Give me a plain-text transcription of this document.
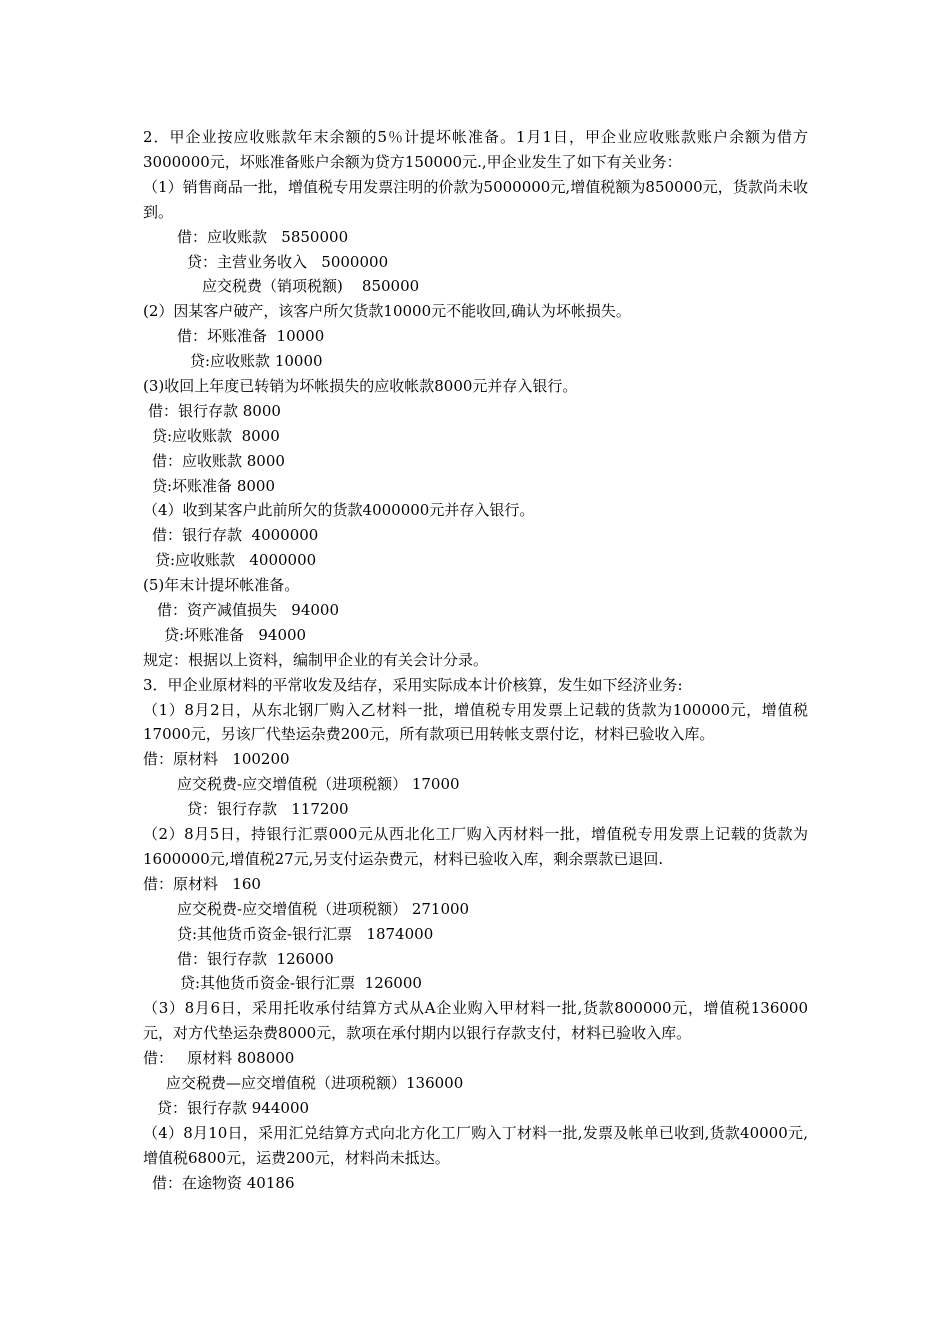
2．甲企业按应收账款年末余额的5％计提坏帐准备。1月1日，甲企业应收账款账户余额为借方3000000元，坏账准备账户余额为贷方150000元.,甲企业发生了如下有关业务：
（1）销售商品一批，增值税专用发票注明的价款为5000000元,增值税额为850000元，货款尚未收到。
借：应收账款   5850000
贷：主营业务收入   5000000
应交税费（销项税额)    850000
(2）因某客户破产，该客户所欠货款10000元不能收回,确认为坏帐损失。
借：坏账准备  10000
贷:应收账款 10000
(3)收回上年度已转销为坏帐损失的应收帐款8000元并存入银行。
借：银行存款 8000
贷:应收账款  8000
借：应收账款 8000
贷:坏账准备 8000
（4）收到某客户此前所欠的货款4000000元并存入银行。
借：银行存款  4000000
贷:应收账款   4000000
(5)年末计提坏帐准备。
借：资产减值损失   94000
贷:坏账准备   94000
规定：根据以上资料，编制甲企业的有关会计分录。
3．甲企业原材料的平常收发及结存，采用实际成本计价核算，发生如下经济业务:
（1）8月2日，从东北钢厂购入乙材料一批，增值税专用发票上记载的货款为100000元，增值税17000元，另该厂代垫运杂费200元，所有款项已用转帐支票付讫，材料已验收入库。
借：原材料   100200
应交税费-应交增值税（进项税额） 17000
贷：银行存款   117200
（2）8月5日，持银行汇票000元从西北化工厂购入丙材料一批，增值税专用发票上记载的货款为1600000元,增值税27元,另支付运杂费元，材料已验收入库，剩余票款已退回.
借：原材料   160
应交税费-应交增值税（进项税额） 271000
贷:其他货币资金-银行汇票   1874000
借：银行存款  126000
贷:其他货币资金-银行汇票  126000
（3）8月6日，采用托收承付结算方式从A企业购入甲材料一批,货款800000元，增值税136000元，对方代垫运杂费8000元，款项在承付期内以银行存款支付，材料已验收入库。
借：   原材料 808000
应交税费—应交增值税（进项税额）136000
贷：银行存款 944000
（4）8月10日，采用汇兑结算方式向北方化工厂购入丁材料一批,发票及帐单已收到,货款40000元,增值税6800元，运费200元，材料尚未抵达。
借：在途物资 40186
